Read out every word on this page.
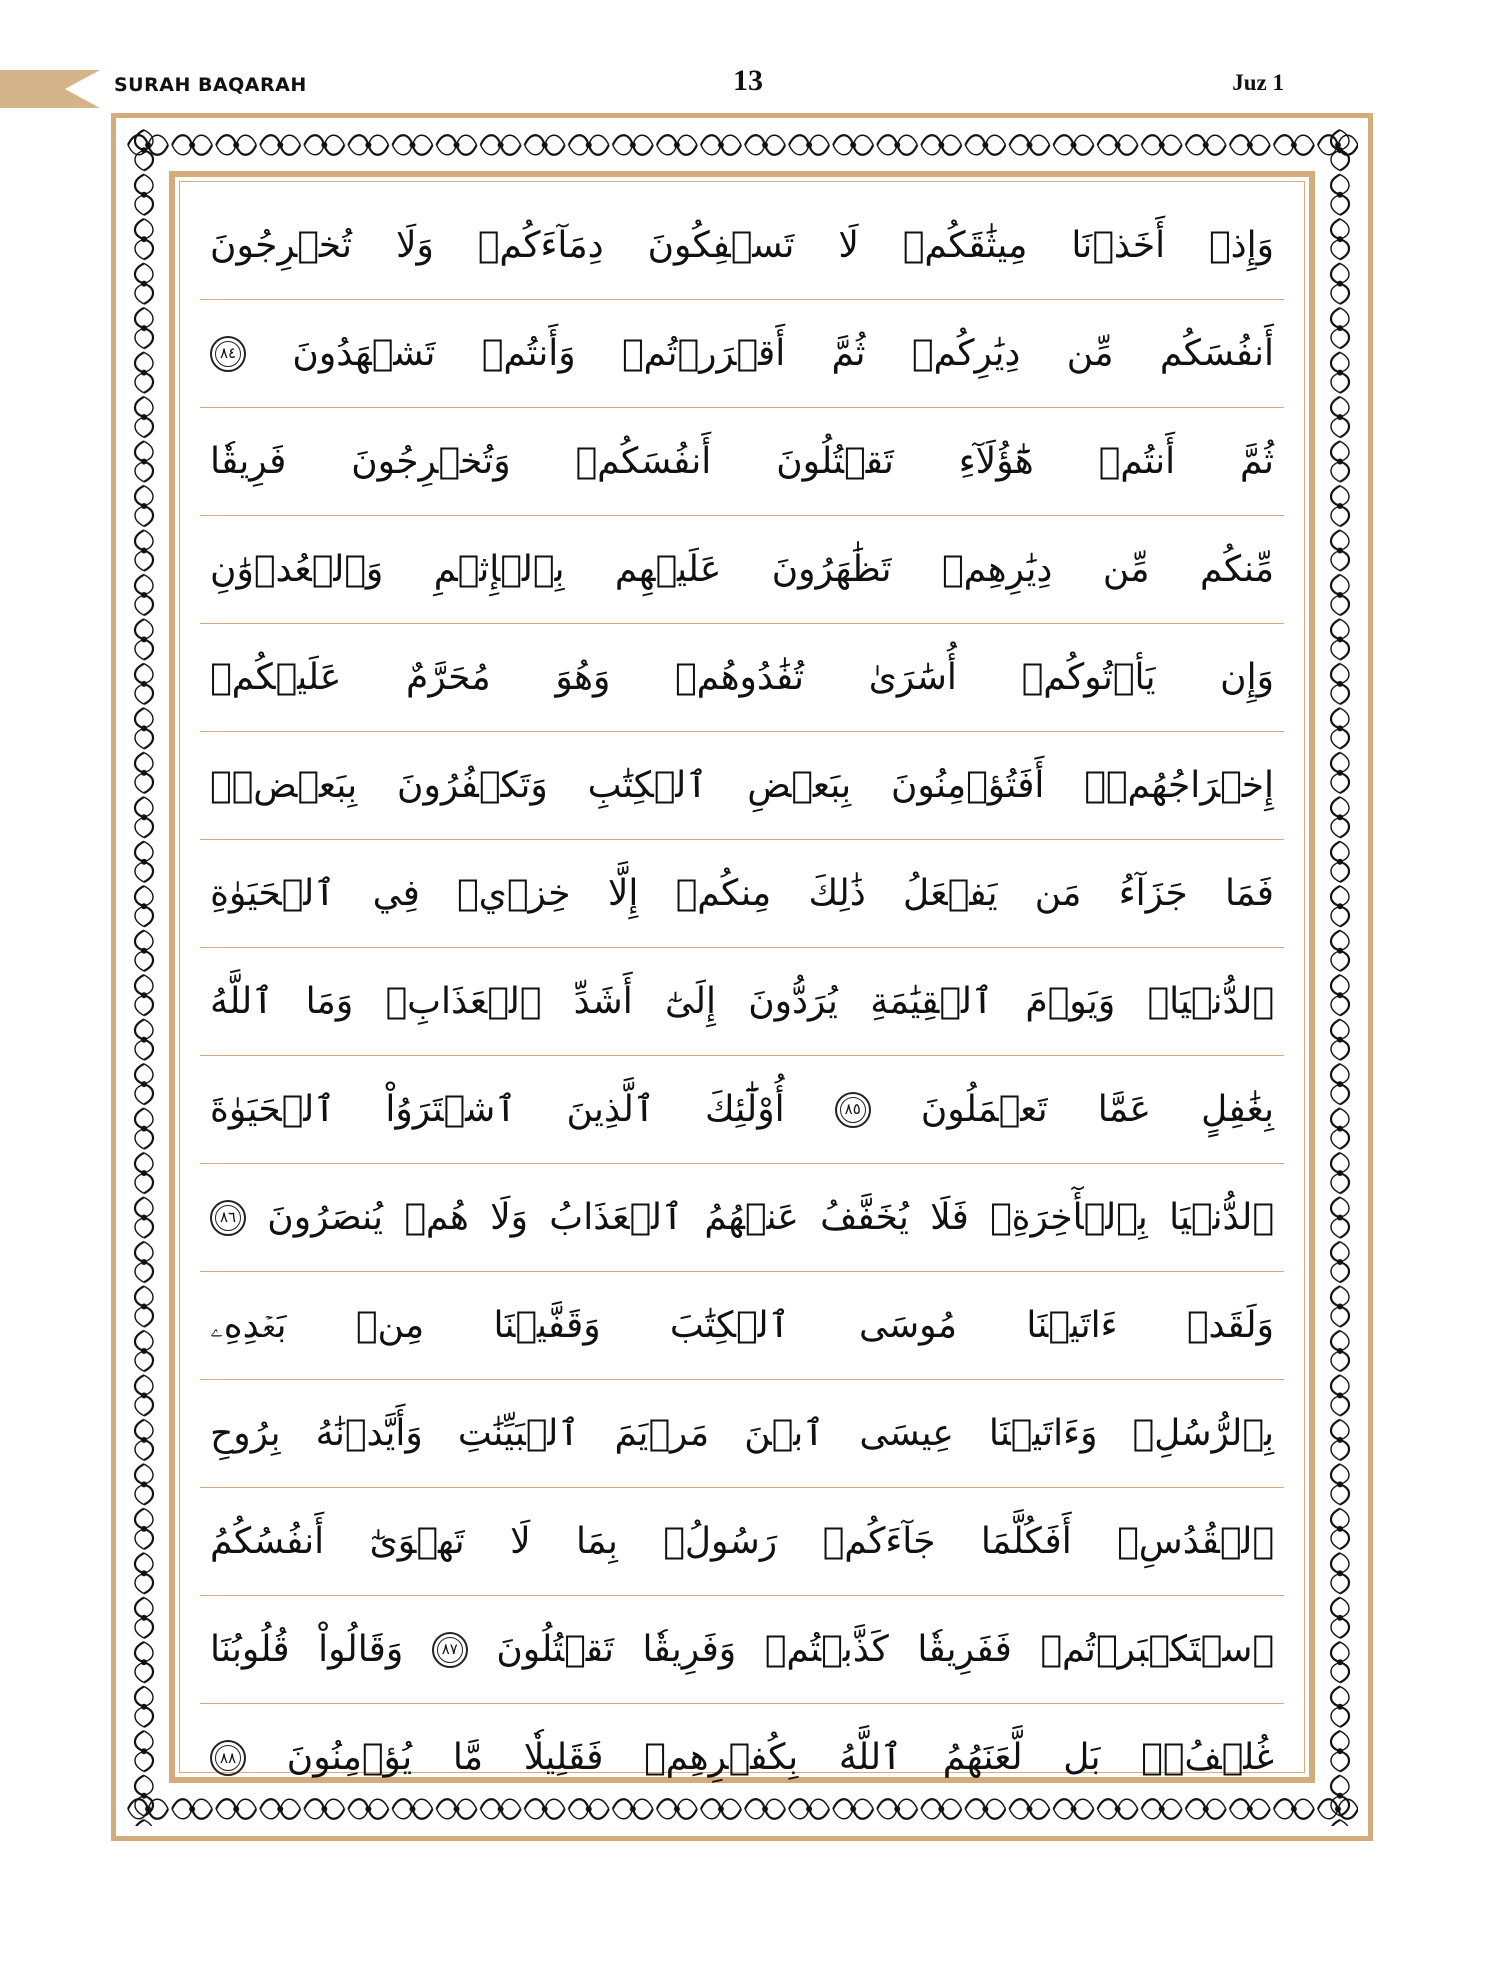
SURAH BAQARAH	13	Juz 1
وَإِذۡ
أَخَذۡنَا
مِيثَٰقَكُمۡ
لَا
تَسۡفِكُونَ
دِمَآءَكُمۡ
وَلَا
تُخۡرِجُونَ
أَنفُسَكُم
مِّن
دِيَٰرِكُمۡ
ثُمَّ
أَقۡرَرۡتُمۡ
وَأَنتُمۡ
تَشۡهَدُونَ
٨٤
ثُمَّ
أَنتُمۡ
هَٰٓؤُلَآءِ
تَقۡتُلُونَ
أَنفُسَكُمۡ
وَتُخۡرِجُونَ
فَرِيقٗا
مِّنكُم
مِّن
دِيَٰرِهِمۡ
تَظَٰهَرُونَ
عَلَيۡهِم
بِٱلۡإِثۡمِ
وَٱلۡعُدۡوَٰنِ
وَإِن
يَأۡتُوكُمۡ
أُسَٰرَىٰ
تُفَٰدُوهُمۡ
وَهُوَ
مُحَرَّمٌ
عَلَيۡكُمۡ
إِخۡرَاجُهُمۡۚ
أَفَتُؤۡمِنُونَ
بِبَعۡضِ
ٱلۡكِتَٰبِ
وَتَكۡفُرُونَ
بِبَعۡضٖۚ
فَمَا
جَزَآءُ
مَن
يَفۡعَلُ
ذَٰلِكَ
مِنكُمۡ
إِلَّا
خِزۡيٞ
فِي
ٱلۡحَيَوٰةِ
ٱلدُّنۡيَاۖ
وَيَوۡمَ
ٱلۡقِيَٰمَةِ
يُرَدُّونَ
إِلَىٰٓ
أَشَدِّ
ٱلۡعَذَابِۗ
وَمَا
ٱللَّهُ
بِغَٰفِلٍ
عَمَّا
تَعۡمَلُونَ
٨٥
أُوْلَٰٓئِكَ
ٱلَّذِينَ
ٱشۡتَرَوُاْ
ٱلۡحَيَوٰةَ
ٱلدُّنۡيَا
بِٱلۡأٓخِرَةِۖ
فَلَا
يُخَفَّفُ
عَنۡهُمُ
ٱلۡعَذَابُ
وَلَا
هُمۡ
يُنصَرُونَ
٨٦
وَلَقَدۡ
ءَاتَيۡنَا
مُوسَى
ٱلۡكِتَٰبَ
وَقَفَّيۡنَا
مِنۢ
بَعۡدِهِۦ
بِٱلرُّسُلِۖ
وَءَاتَيۡنَا
عِيسَى
ٱبۡنَ
مَرۡيَمَ
ٱلۡبَيِّنَٰتِ
وَأَيَّدۡنَٰهُ
بِرُوحِ
ٱلۡقُدُسِۗ
أَفَكُلَّمَا
جَآءَكُمۡ
رَسُولُۢ
بِمَا
لَا
تَهۡوَىٰٓ
أَنفُسُكُمُ
ٱسۡتَكۡبَرۡتُمۡ
فَفَرِيقٗا
كَذَّبۡتُمۡ
وَفَرِيقٗا
تَقۡتُلُونَ
٨٧
وَقَالُواْ
قُلُوبُنَا
غُلۡفُۢۚ
بَل
لَّعَنَهُمُ
ٱللَّهُ
بِكُفۡرِهِمۡ
فَقَلِيلٗا
مَّا
يُؤۡمِنُونَ
٨٨
